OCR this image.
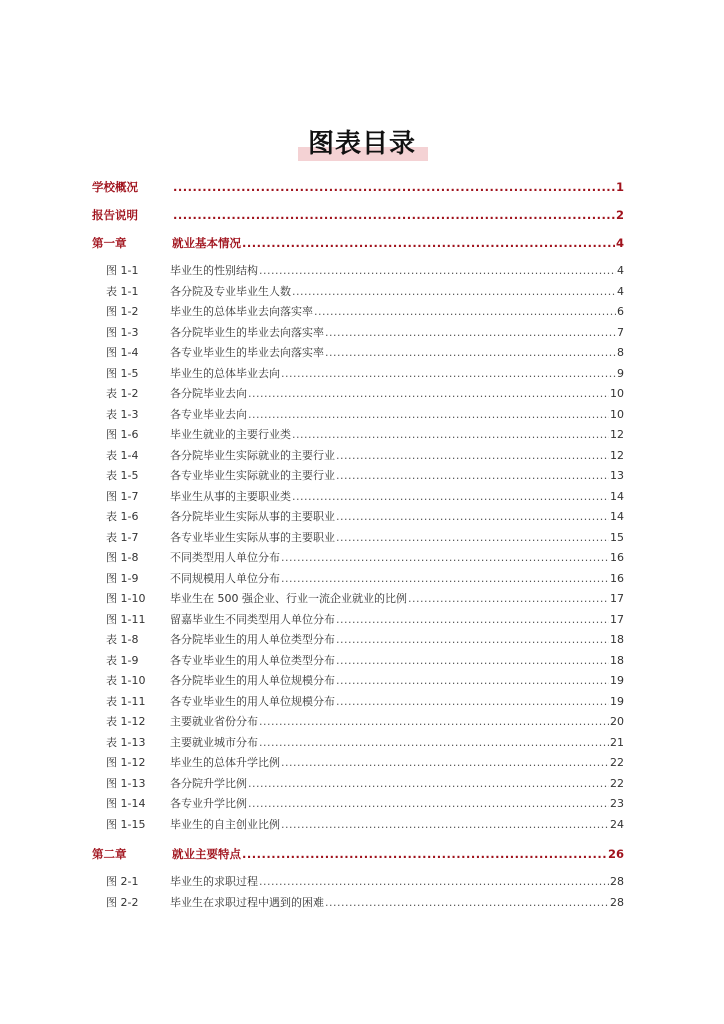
图表目录
学校概况 .....	1
报告说明 .....	2
第一章	就业基本情况 .....	4
图 1-1	毕业生的性别结构 .....	4
表 1-1	各分院及专业毕业生人数 .....	4
图 1-2	毕业生的总体毕业去向落实率 .....	6
图 1-3	各分院毕业生的毕业去向落实率 .....	7
图 1-4	各专业毕业生的毕业去向落实率 .....	8
图 1-5	毕业生的总体毕业去向 .....	9
表 1-2	各分院毕业去向 .....	10
表 1-3	各专业毕业去向 .....	10
图 1-6	毕业生就业的主要行业类 .....	12
表 1-4	各分院毕业生实际就业的主要行业 .....	12
表 1-5	各专业毕业生实际就业的主要行业 .....	13
图 1-7	毕业生从事的主要职业类 .....	14
表 1-6	各分院毕业生实际从事的主要职业 .....	14
表 1-7	各专业毕业生实际从事的主要职业 .....	15
图 1-8	不同类型用人单位分布 .....	16
图 1-9	不同规模用人单位分布 .....	16
图 1-10	毕业生在 500 强企业、行业一流企业就业的比例 .....	17
图 1-11	留嘉毕业生不同类型用人单位分布 .....	17
表 1-8	各分院毕业生的用人单位类型分布 .....	18
表 1-9	各专业毕业生的用人单位类型分布 .....	18
表 1-10	各分院毕业生的用人单位规模分布 .....	19
表 1-11	各专业毕业生的用人单位规模分布 .....	19
表 1-12	主要就业省份分布 .....	20
表 1-13	主要就业城市分布 .....	21
图 1-12	毕业生的总体升学比例 .....	22
图 1-13	各分院升学比例 .....	22
图 1-14	各专业升学比例 .....	23
图 1-15	毕业生的自主创业比例 .....	24
第二章	就业主要特点 .....	26
图 2-1	毕业生的求职过程 .....	28
图 2-2	毕业生在求职过程中遇到的困难 .....	28
